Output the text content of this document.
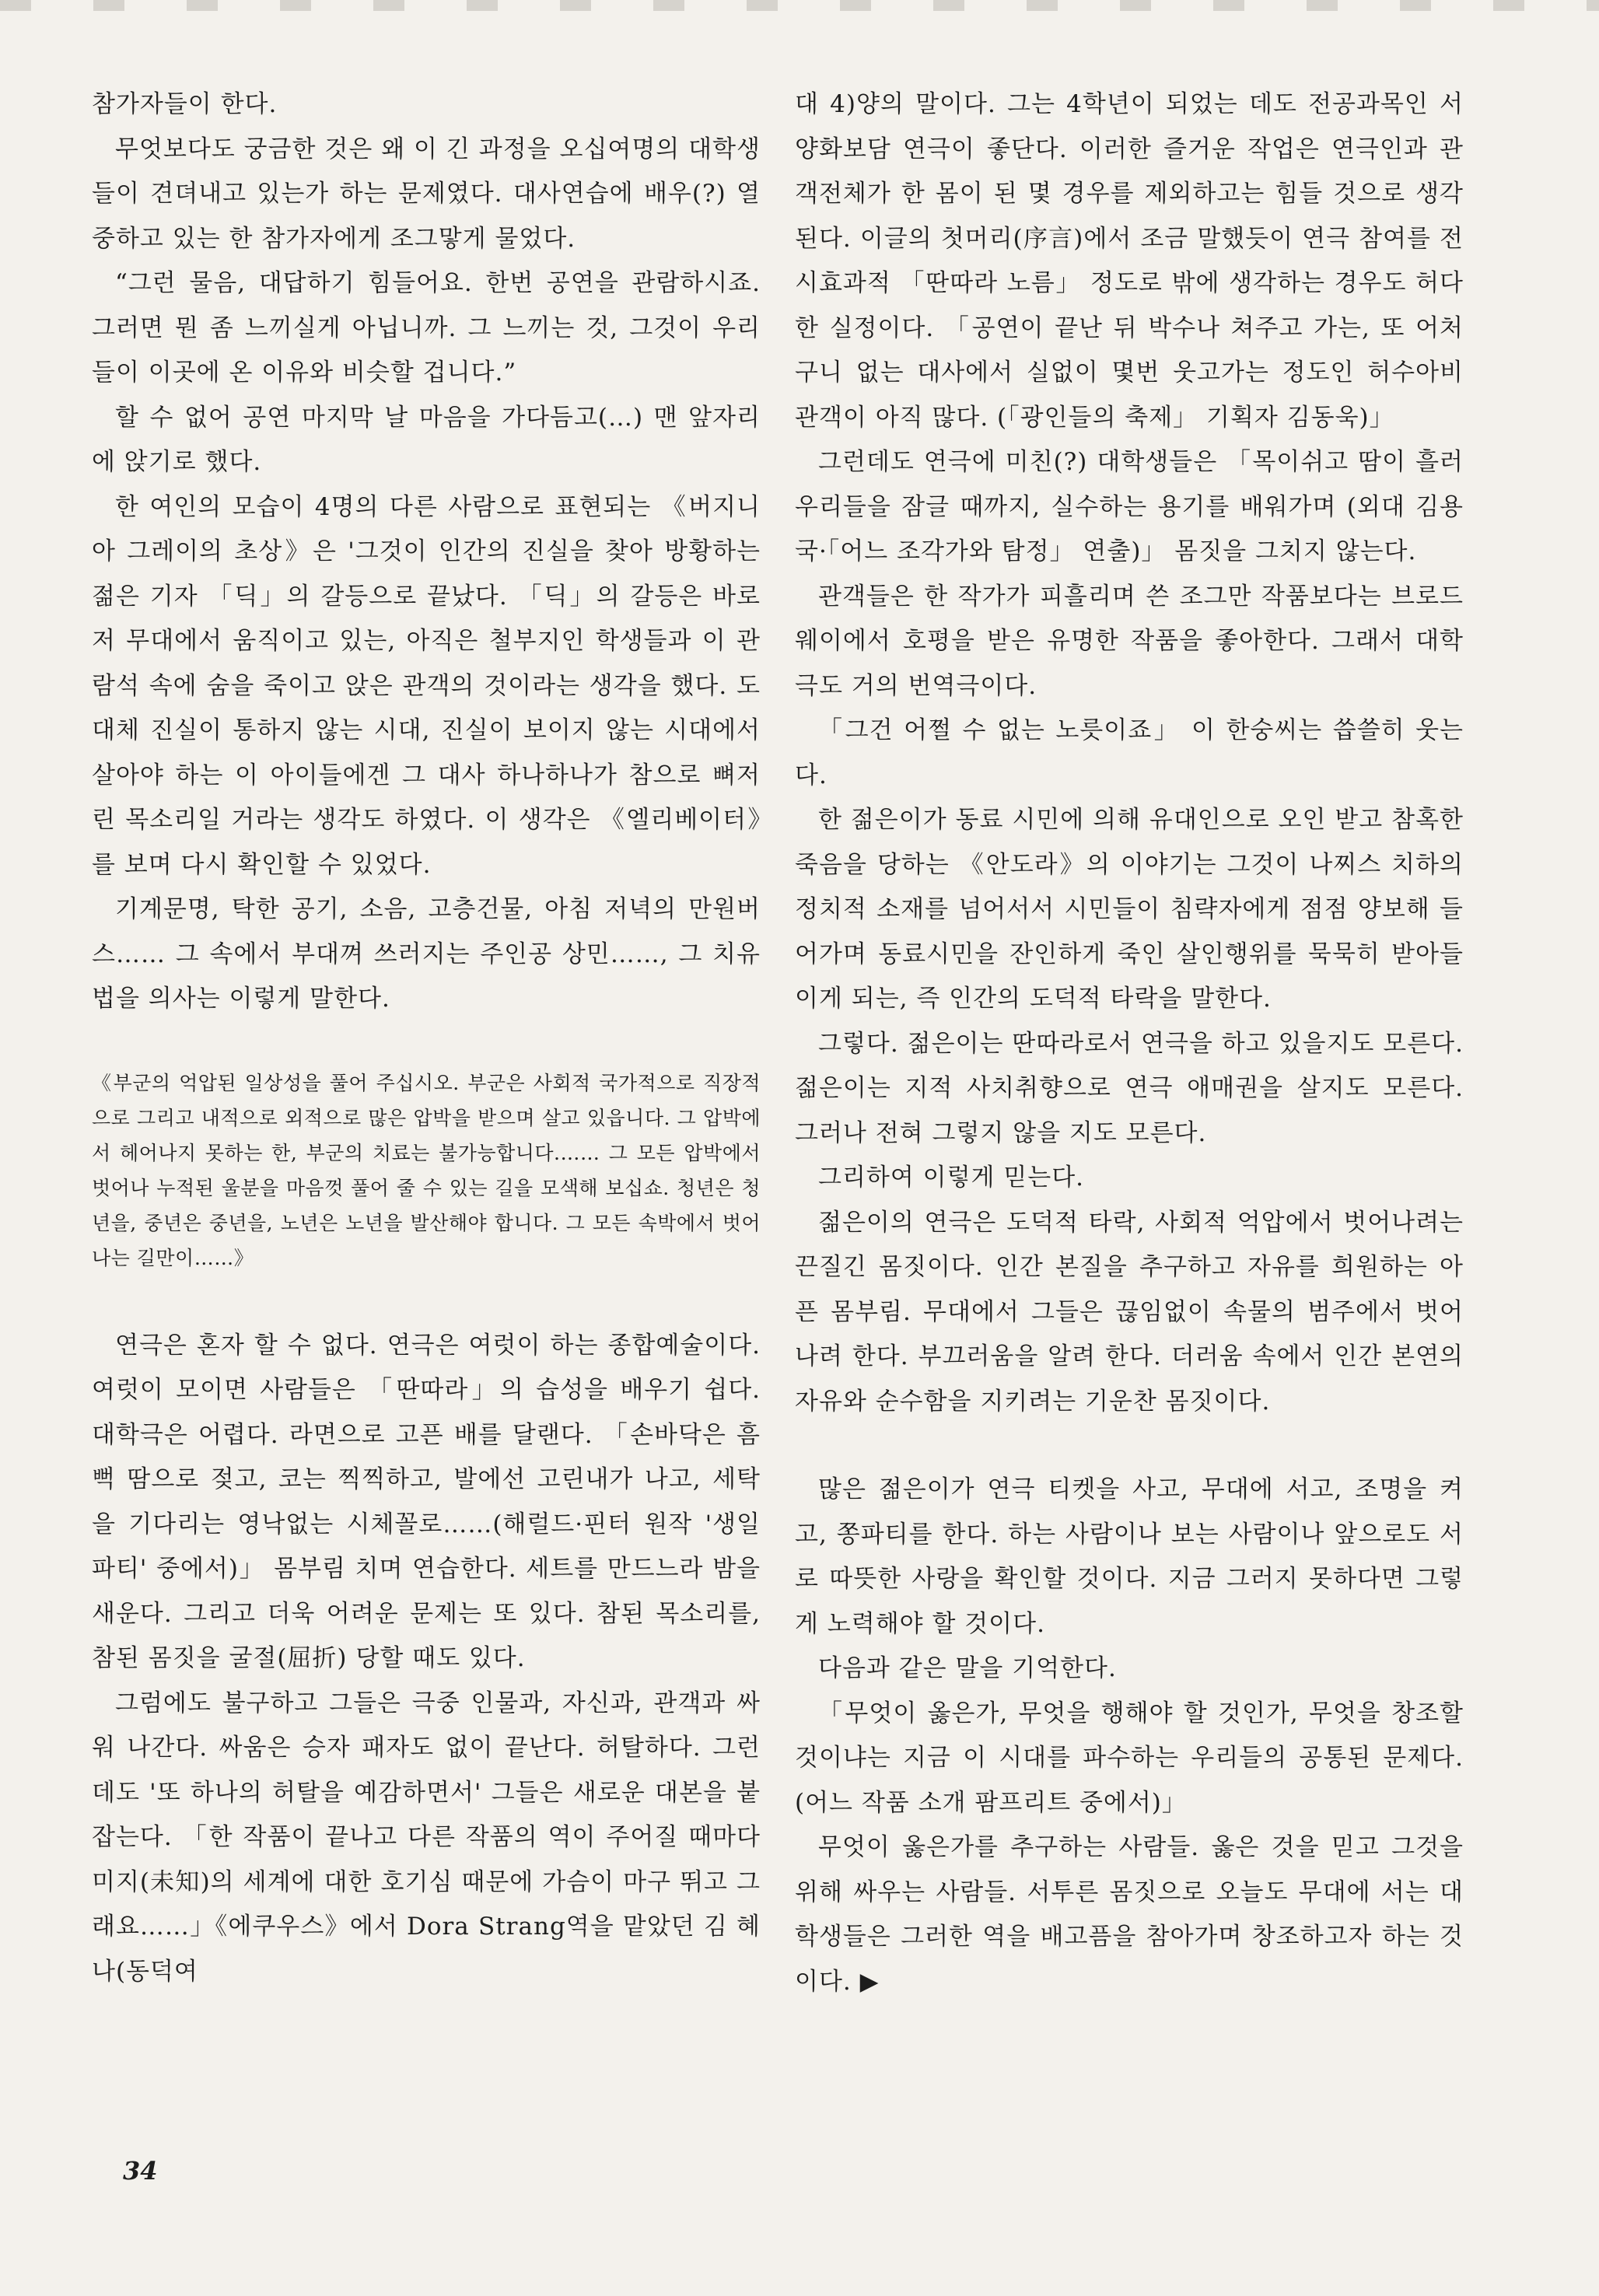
참가자들이 한다.

무엇보다도 궁금한 것은 왜 이 긴 과정을 오십여명의 대학생들이 견뎌내고 있는가 하는 문제였다. 대사연습에 배우(?) 열중하고 있는 한 참가자에게 조그맣게 물었다.

“그런 물음, 대답하기 힘들어요. 한번 공연을 관람하시죠. 그러면 뭔 좀 느끼실게 아닙니까. 그 느끼는 것, 그것이 우리들이 이곳에 온 이유와 비슷할 겁니다.”

할 수 없어 공연 마지막 날 마음을 가다듬고(…) 맨 앞자리에 앉기로 했다.

한 여인의 모습이 4명의 다른 사람으로 표현되는 《버지니아 그레이의 초상》은 '그것이 인간의 진실을 찾아 방황하는 젊은 기자 「딕」의 갈등으로 끝났다. 「딕」의 갈등은 바로 저 무대에서 움직이고 있는, 아직은 철부지인 학생들과 이 관람석 속에 숨을 죽이고 앉은 관객의 것이라는 생각을 했다. 도대체 진실이 통하지 않는 시대, 진실이 보이지 않는 시대에서 살아야 하는 이 아이들에겐 그 대사 하나하나가 참으로 뼈저린 목소리일 거라는 생각도 하였다. 이 생각은 《엘리베이터》를 보며 다시 확인할 수 있었다.

기계문명, 탁한 공기, 소음, 고층건물, 아침 저녁의 만원버스…… 그 속에서 부대껴 쓰러지는 주인공 상민……, 그 치유법을 의사는 이렇게 말한다.

《부군의 억압된 일상성을 풀어 주십시오. 부군은 사회적 국가적으로 직장적으로 그리고 내적으로 외적으로 많은 압박을 받으며 살고 있읍니다. 그 압박에서 헤어나지 못하는 한, 부군의 치료는 불가능합니다.…… 그 모든 압박에서 벗어나 누적된 울분을 마음껏 풀어 줄 수 있는 길을 모색해 보십쇼. 청년은 청년을, 중년은 중년을, 노년은 노년을 발산해야 합니다. 그 모든 속박에서 벗어나는 길만이……》

연극은 혼자 할 수 없다. 연극은 여럿이 하는 종합예술이다. 여럿이 모이면 사람들은 「딴따라」의 습성을 배우기 쉽다. 대학극은 어렵다. 라면으로 고픈 배를 달랜다. 「손바닥은 흠뻑 땀으로 젖고, 코는 찍찍하고, 발에선 고린내가 나고, 세탁을 기다리는 영낙없는 시체꼴로……(해럴드·핀터 원작 '생일파티' 중에서)」 몸부림 치며 연습한다. 세트를 만드느라 밤을 새운다. 그리고 더욱 어려운 문제는 또 있다. 참된 목소리를, 참된 몸짓을 굴절(屈折) 당할 때도 있다.

그럼에도 불구하고 그들은 극중 인물과, 자신과, 관객과 싸워 나간다. 싸움은 승자 패자도 없이 끝난다. 허탈하다. 그런데도 '또 하나의 허탈을 예감하면서' 그들은 새로운 대본을 붙잡는다. 「한 작품이 끝나고 다른 작품의 역이 주어질 때마다 미지(未知)의 세계에 대한 호기심 때문에 가슴이 마구 뛰고 그래요……」《에쿠우스》에서 Dora Strang역을 맡았던 김 혜나(동덕여

대 4)양의 말이다. 그는 4학년이 되었는 데도 전공과목인 서양화보담 연극이 좋단다. 이러한 즐거운 작업은 연극인과 관객전체가 한 몸이 된 몇 경우를 제외하고는 힘들 것으로 생각된다. 이글의 첫머리(序言)에서 조금 말했듯이 연극 참여를 전시효과적 「딴따라 노름」 정도로 밖에 생각하는 경우도 허다한 실정이다. 「공연이 끝난 뒤 박수나 쳐주고 가는, 또 어처구니 없는 대사에서 실없이 몇번 웃고가는 정도인 허수아비 관객이 아직 많다. (「광인들의 축제」 기획자 김동욱)」

그런데도 연극에 미친(?) 대학생들은 「목이쉬고 땀이 흘러 우리들을 잠글 때까지, 실수하는 용기를 배워가며 (외대 김용국·「어느 조각가와 탐정」 연출)」 몸짓을 그치지 않는다.

관객들은 한 작가가 피흘리며 쓴 조그만 작품보다는 브로드웨이에서 호평을 받은 유명한 작품을 좋아한다. 그래서 대학극도 거의 번역극이다.

「그건 어쩔 수 없는 노릇이죠」 이 한숭씨는 씁쓸히 웃는다.

한 젊은이가 동료 시민에 의해 유대인으로 오인 받고 참혹한 죽음을 당하는 《안도라》의 이야기는 그것이 나찌스 치하의 정치적 소재를 넘어서서 시민들이 침략자에게 점점 양보해 들어가며 동료시민을 잔인하게 죽인 살인행위를 묵묵히 받아들이게 되는, 즉 인간의 도덕적 타락을 말한다.

그렇다. 젊은이는 딴따라로서 연극을 하고 있을지도 모른다. 젊은이는 지적 사치취향으로 연극 애매권을 살지도 모른다. 그러나 전혀 그렇지 않을 지도 모른다.

그리하여 이렇게 믿는다.

젊은이의 연극은 도덕적 타락, 사회적 억압에서 벗어나려는 끈질긴 몸짓이다. 인간 본질을 추구하고 자유를 희원하는 아픈 몸부림. 무대에서 그들은 끊임없이 속물의 범주에서 벗어나려 한다. 부끄러움을 알려 한다. 더러움 속에서 인간 본연의 자유와 순수함을 지키려는 기운찬 몸짓이다.

많은 젊은이가 연극 티켓을 사고, 무대에 서고, 조명을 켜고, 쫑파티를 한다. 하는 사람이나 보는 사람이나 앞으로도 서로 따뜻한 사랑을 확인할 것이다. 지금 그러지 못하다면 그렇게 노력해야 할 것이다.

다음과 같은 말을 기억한다.

「무엇이 옳은가, 무엇을 행해야 할 것인가, 무엇을 창조할 것이냐는 지금 이 시대를 파수하는 우리들의 공통된 문제다. (어느 작품 소개 팜프리트 중에서)」

무엇이 옳은가를 추구하는 사람들. 옳은 것을 믿고 그것을 위해 싸우는 사람들. 서투른 몸짓으로 오늘도 무대에 서는 대학생들은 그러한 역을 배고픔을 참아가며 창조하고자 하는 것이다. ▶

34
